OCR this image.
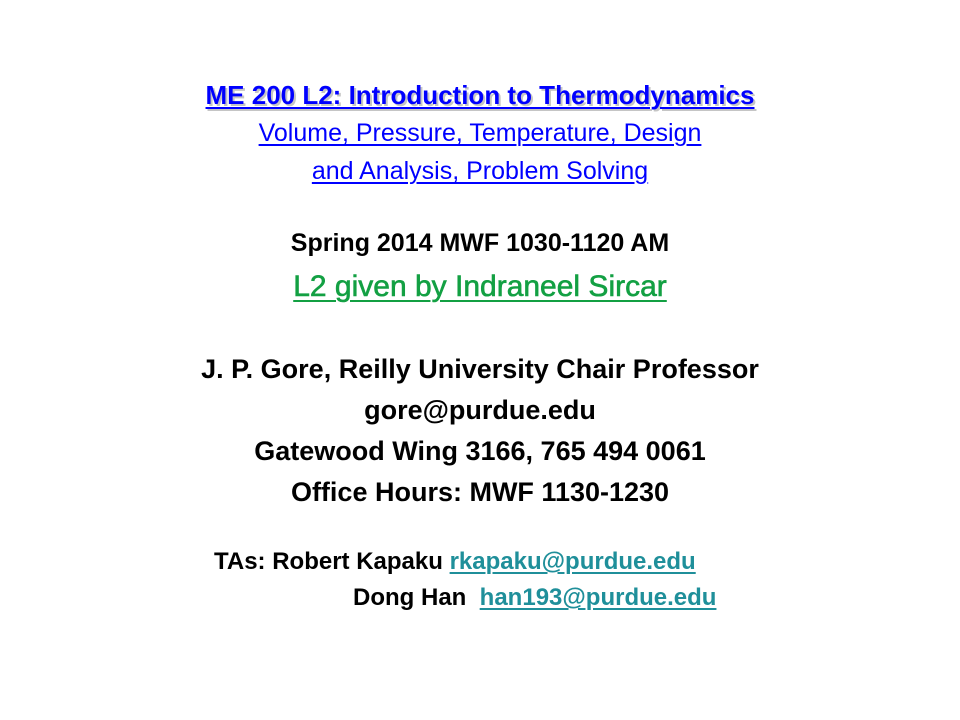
ME 200 L2: Introduction to Thermodynamics
Volume, Pressure, Temperature, Design
and Analysis, Problem Solving
Spring 2014 MWF 1030-1120 AM
L2 given by Indraneel Sircar
J. P. Gore, Reilly University Chair Professor
gore@purdue.edu
Gatewood Wing 3166, 765 494 0061
Office Hours: MWF 1130-1230
TAs: Robert Kapaku rkapaku@purdue.edu
Dong Han han193@purdue.edu
